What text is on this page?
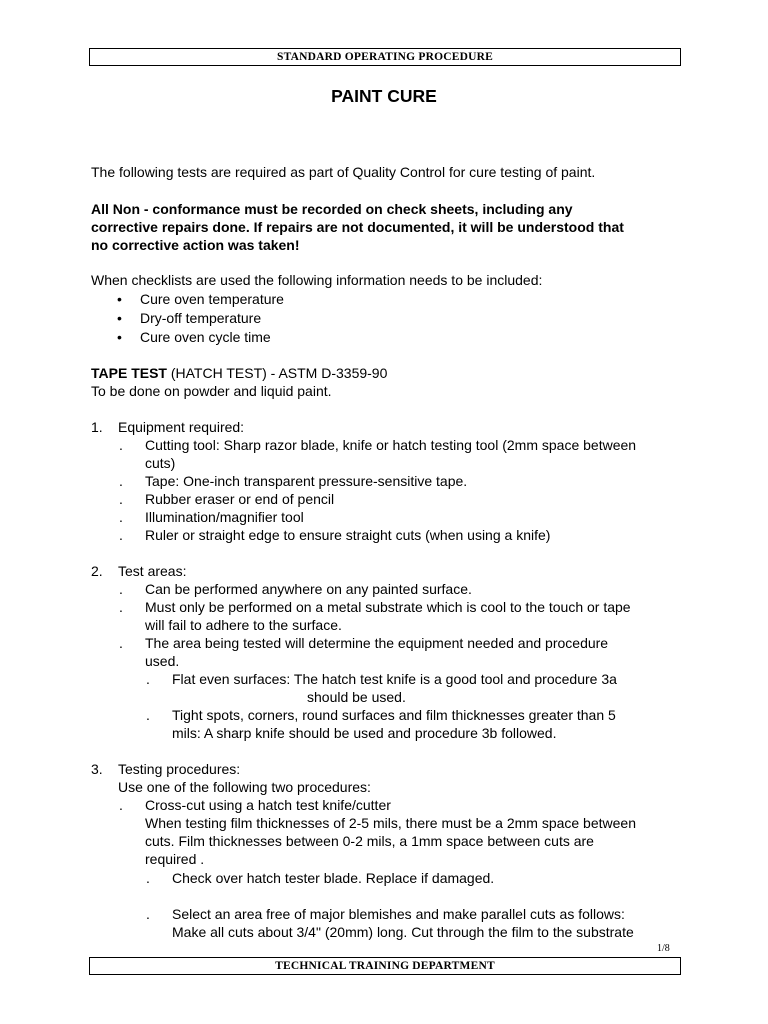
STANDARD OPERATING PROCEDURE
PAINT CURE
The following tests are required as part of Quality Control for cure testing of paint.
All Non - conformance must be recorded on check sheets, including any
corrective repairs done. If repairs are not documented, it will be understood that
no corrective action was taken!
When checklists are used the following information needs to be included:
• Cure oven temperature
• Dry-off temperature
• Cure oven cycle time
TAPE TEST (HATCH TEST) - ASTM D-3359-90
To be done on powder and liquid paint.
1. Equipment required:
. Cutting tool: Sharp razor blade, knife or hatch testing tool (2mm space between
cuts)
. Tape: One-inch transparent pressure-sensitive tape.
. Rubber eraser or end of pencil
. Illumination/magnifier tool
. Ruler or straight edge to ensure straight cuts (when using a knife)
2. Test areas:
. Can be performed anywhere on any painted surface.
. Must only be performed on a metal substrate which is cool to the touch or tape
will fail to adhere to the surface.
. The area being tested will determine the equipment needed and procedure
used.
. Flat even surfaces: The hatch test knife is a good tool and procedure 3a
should be used.
. Tight spots, corners, round surfaces and film thicknesses greater than 5
mils: A sharp knife should be used and procedure 3b followed.
3. Testing procedures:
Use one of the following two procedures:
. Cross-cut using a hatch test knife/cutter
When testing film thicknesses of 2-5 mils, there must be a 2mm space between
cuts. Film thicknesses between 0-2 mils, a 1mm space between cuts are
required .
. Check over hatch tester blade. Replace if damaged.
. Select an area free of major blemishes and make parallel cuts as follows:
Make all cuts about 3/4" (20mm) long. Cut through the film to the substrate
1/8
TECHNICAL TRAINING DEPARTMENT
